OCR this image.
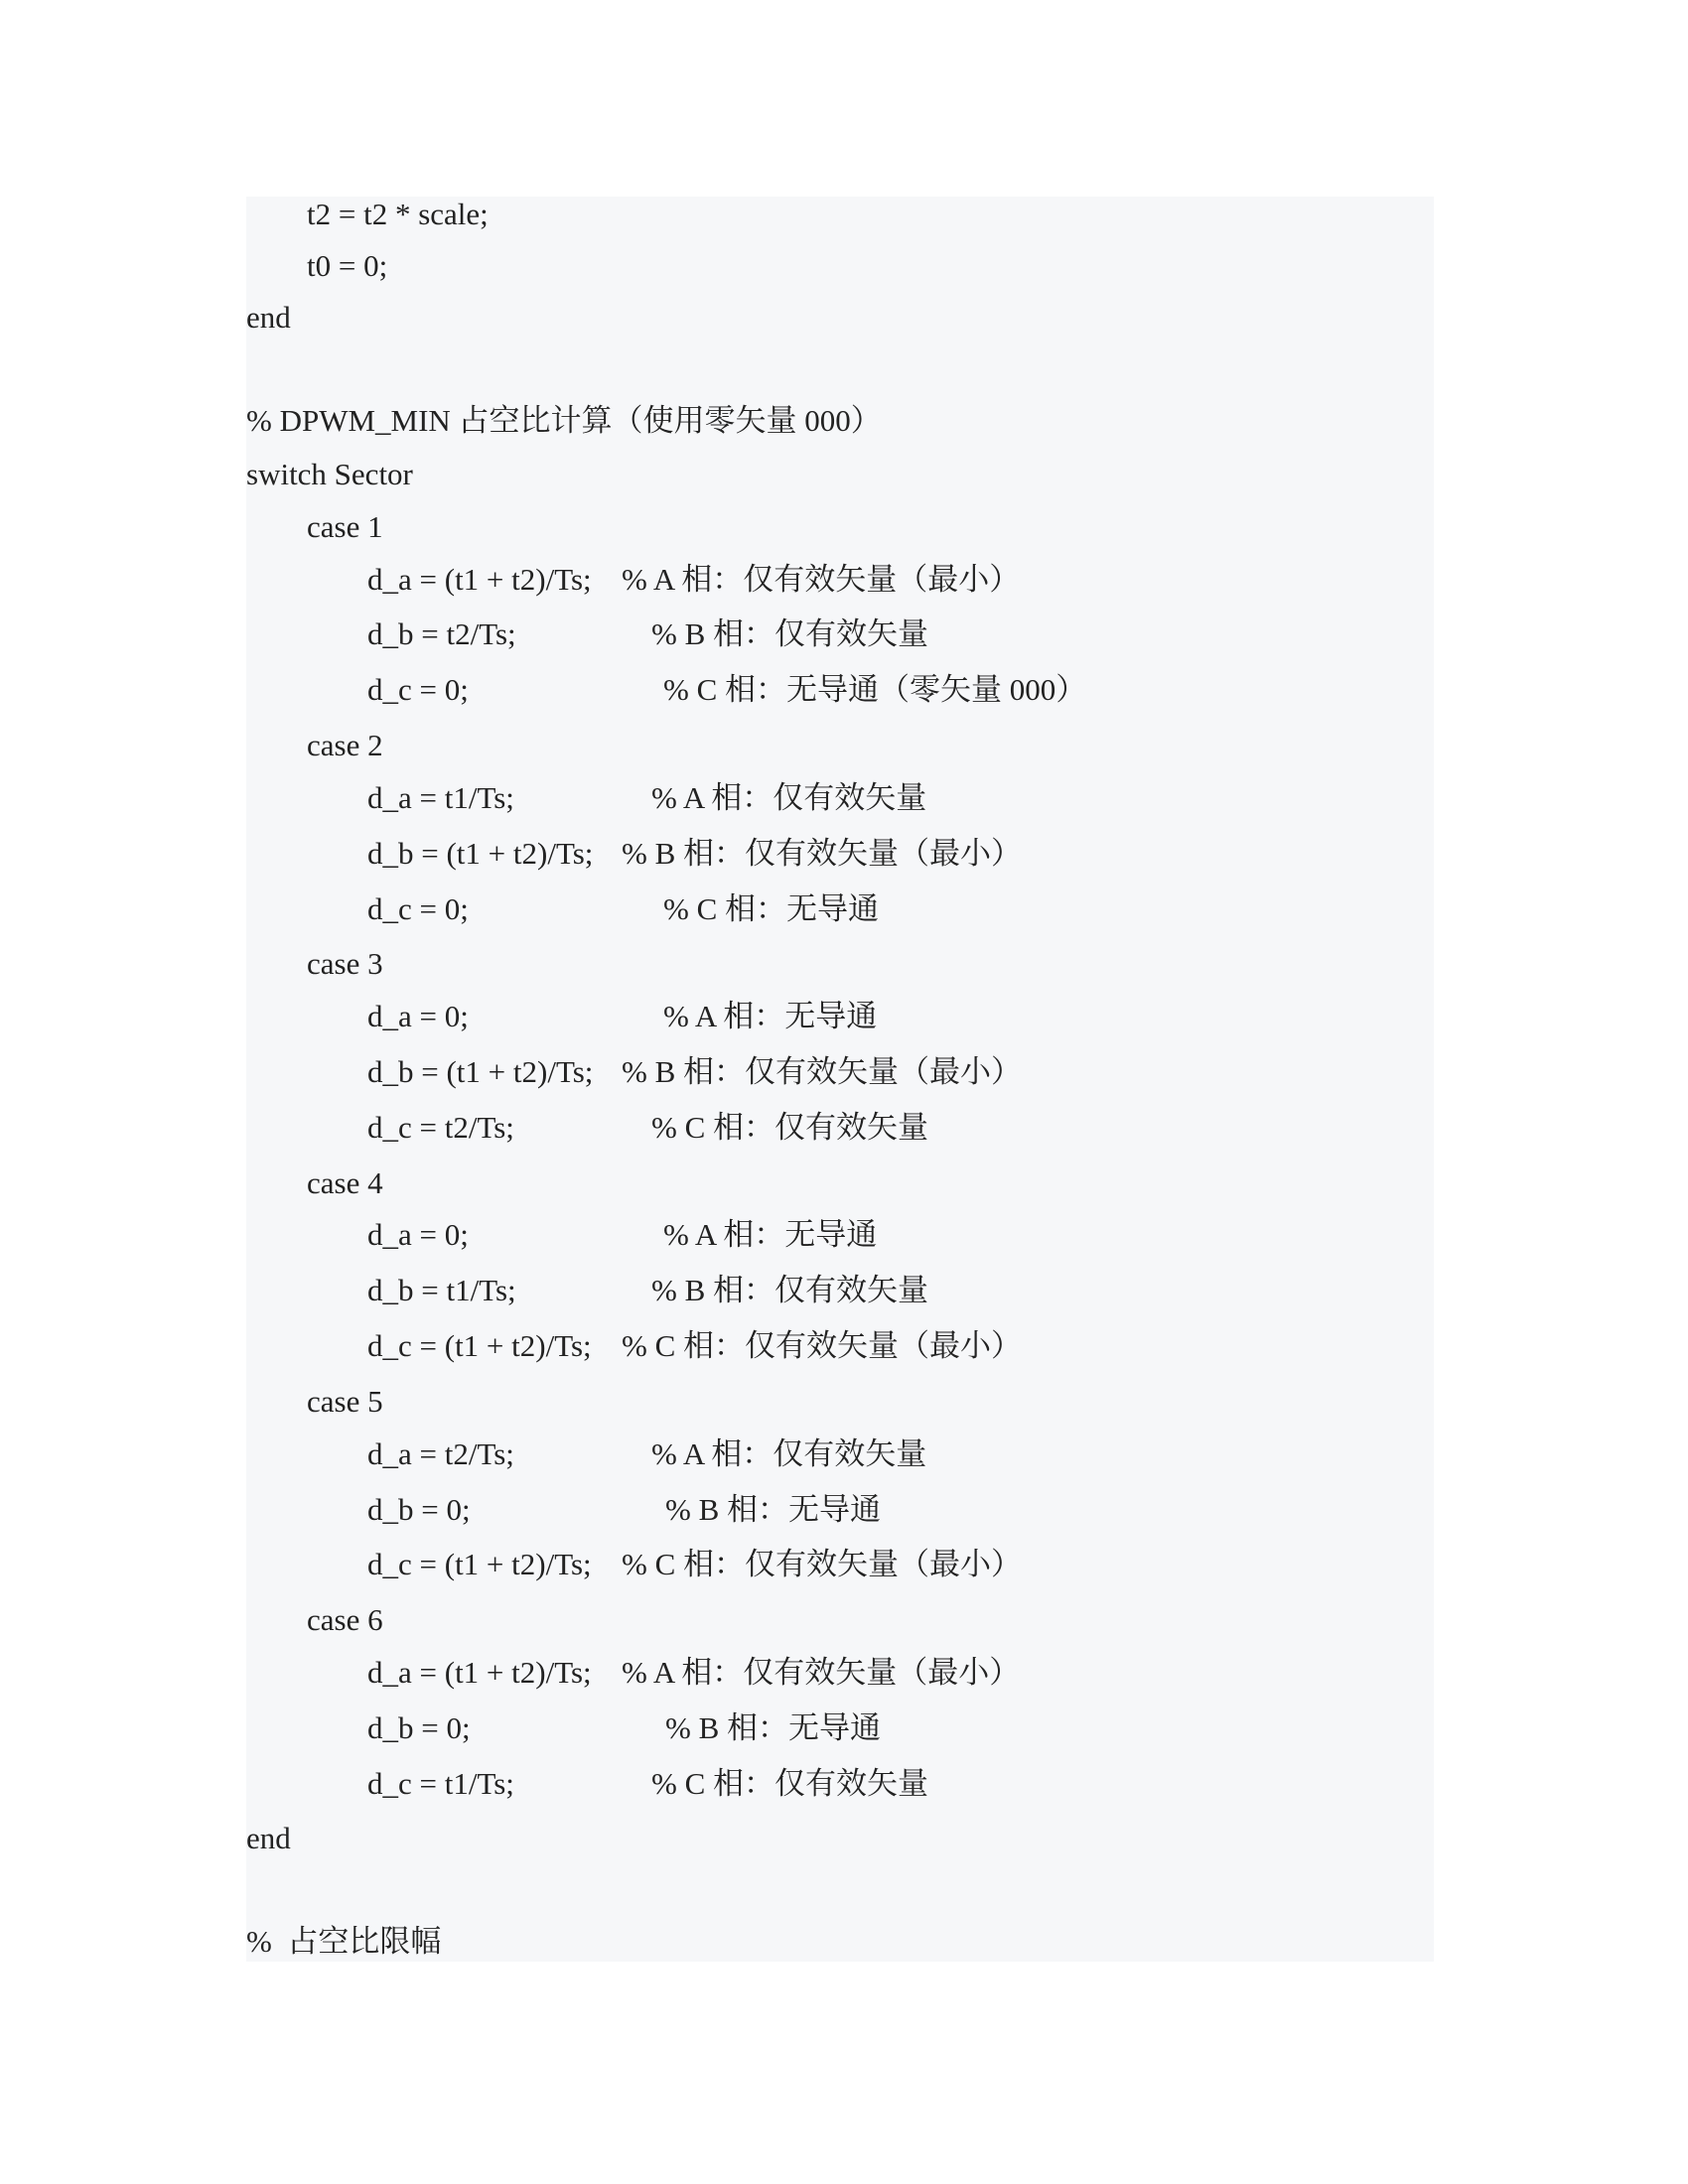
t2 = t2 * scale;
t0 = 0;
end
% DPWM_MIN 占空比计算（使用零矢量 000）
switch Sector
case 1
d_a = (t1 + t2)/Ts; % A 相：仅有效矢量（最小）
d_b = t2/Ts;	% B 相：仅有效矢量
d_c = 0;	% C 相：无导通（零矢量 000）
case 2
d_a = t1/Ts;	% A 相：仅有效矢量
d_b = (t1 + t2)/Ts; % B 相：仅有效矢量（最小）
d_c = 0;	% C 相：无导通
case 3
d_a = 0;	% A 相：无导通
d_b = (t1 + t2)/Ts; % B 相：仅有效矢量（最小）
d_c = t2/Ts;	% C 相：仅有效矢量
case 4
d_a = 0;	% A 相：无导通
d_b = t1/Ts;	% B 相：仅有效矢量
d_c = (t1 + t2)/Ts; % C 相：仅有效矢量（最小）
case 5
d_a = t2/Ts;	% A 相：仅有效矢量
d_b = 0;	% B 相：无导通
d_c = (t1 + t2)/Ts; % C 相：仅有效矢量（最小）
case 6
d_a = (t1 + t2)/Ts; % A 相：仅有效矢量（最小）
d_b = 0;	% B 相：无导通
d_c = t1/Ts;	% C 相：仅有效矢量
end
%  占空比限幅
